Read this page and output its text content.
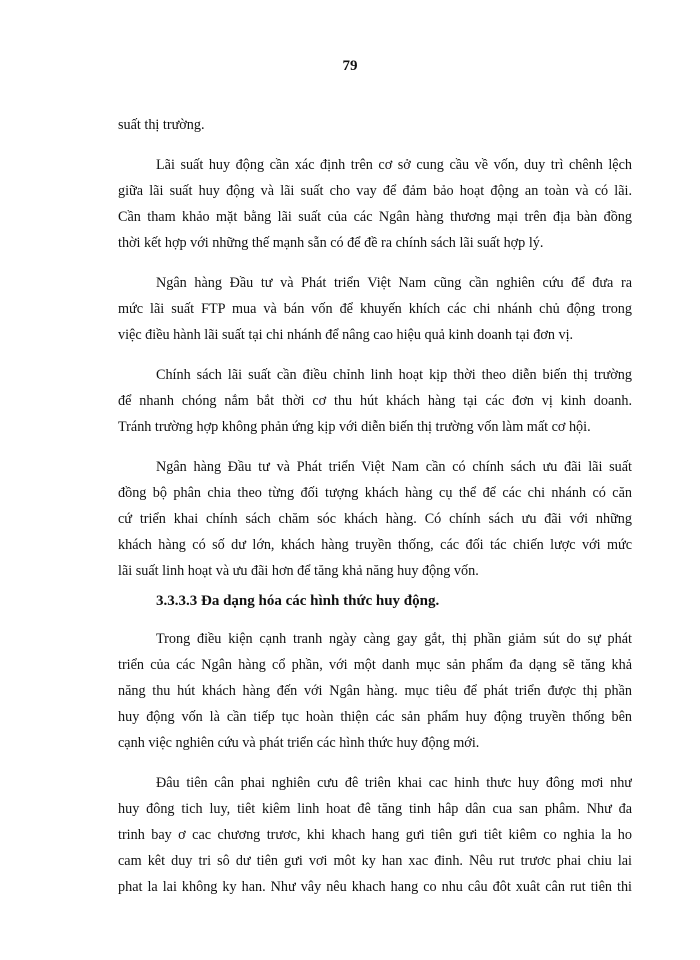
79
suất thị trường.
Lãi suất huy động cần xác định trên cơ sở cung cầu về vốn, duy trì chênh lệch
giữa lãi suất huy động và lãi suất cho vay để đảm bảo hoạt động an toàn và có lãi.
Cần tham khảo mặt bằng lãi suất của các Ngân hàng thương mại trên địa bàn đồng
thời kết hợp với những thế mạnh sẵn có để đề ra chính sách lãi suất hợp lý.
Ngân hàng Đầu tư và Phát triển Việt Nam cũng cần nghiên cứu để đưa ra
mức lãi suất FTP mua và bán vốn để khuyến khích các chi nhánh chủ động trong
việc điều hành lãi suất tại chi nhánh để nâng cao hiệu quả kinh doanh tại đơn vị.
Chính sách lãi suất cần điều chỉnh linh hoạt kịp thời theo diễn biến thị trường
để nhanh chóng nắm bắt thời cơ thu hút khách hàng tại các đơn vị kinh doanh.
Tránh trường hợp không phản ứng kịp với diễn biến thị trường vốn làm mất cơ hội.
Ngân hàng Đầu tư và Phát triển Việt Nam cần có chính sách ưu đãi lãi suất
đồng bộ phân chia theo từng đối tượng khách hàng cụ thể để các chi nhánh có căn
cứ triển khai chính sách chăm sóc khách hàng. Có chính sách ưu đãi với những
khách hàng có số dư lớn, khách hàng truyền thống, các đối tác chiến lược với mức
lãi suất linh hoạt và ưu đãi hơn để tăng khả năng huy động vốn.
3.3.3.3 Đa dạng hóa các hình thức huy động.
Trong điều kiện cạnh tranh ngày càng gay gắt, thị phần giảm sút do sự phát
triển của các Ngân hàng cổ phần, với một danh mục sản phẩm đa dạng sẽ tăng khả
năng thu hút khách hàng đến với Ngân hàng. mục tiêu để phát triển được thị phần
huy động vốn là cần tiếp tục hoàn thiện các sản phẩm huy động truyền thống bên
cạnh việc nghiên cứu và phát triển các hình thức huy động mới.
Đâu tiên cân phai nghiên cưu đê triên khai cac hinh thưc huy đông mơi như
huy đông tich luy, tiêt kiêm linh hoat đê tăng tinh hâp dân cua san phâm. Như đa
trinh bay ơ cac chương trươc, khi khach hang gưi tiên gưi tiêt kiêm co nghia la ho
cam kêt duy tri sô dư tiên gưi vơi môt ky han xac đinh. Nêu rut trươc phai chiu lai
phat la lai không ky han. Như vây nêu khach hang co nhu câu đôt xuât cân rut tiên thi
